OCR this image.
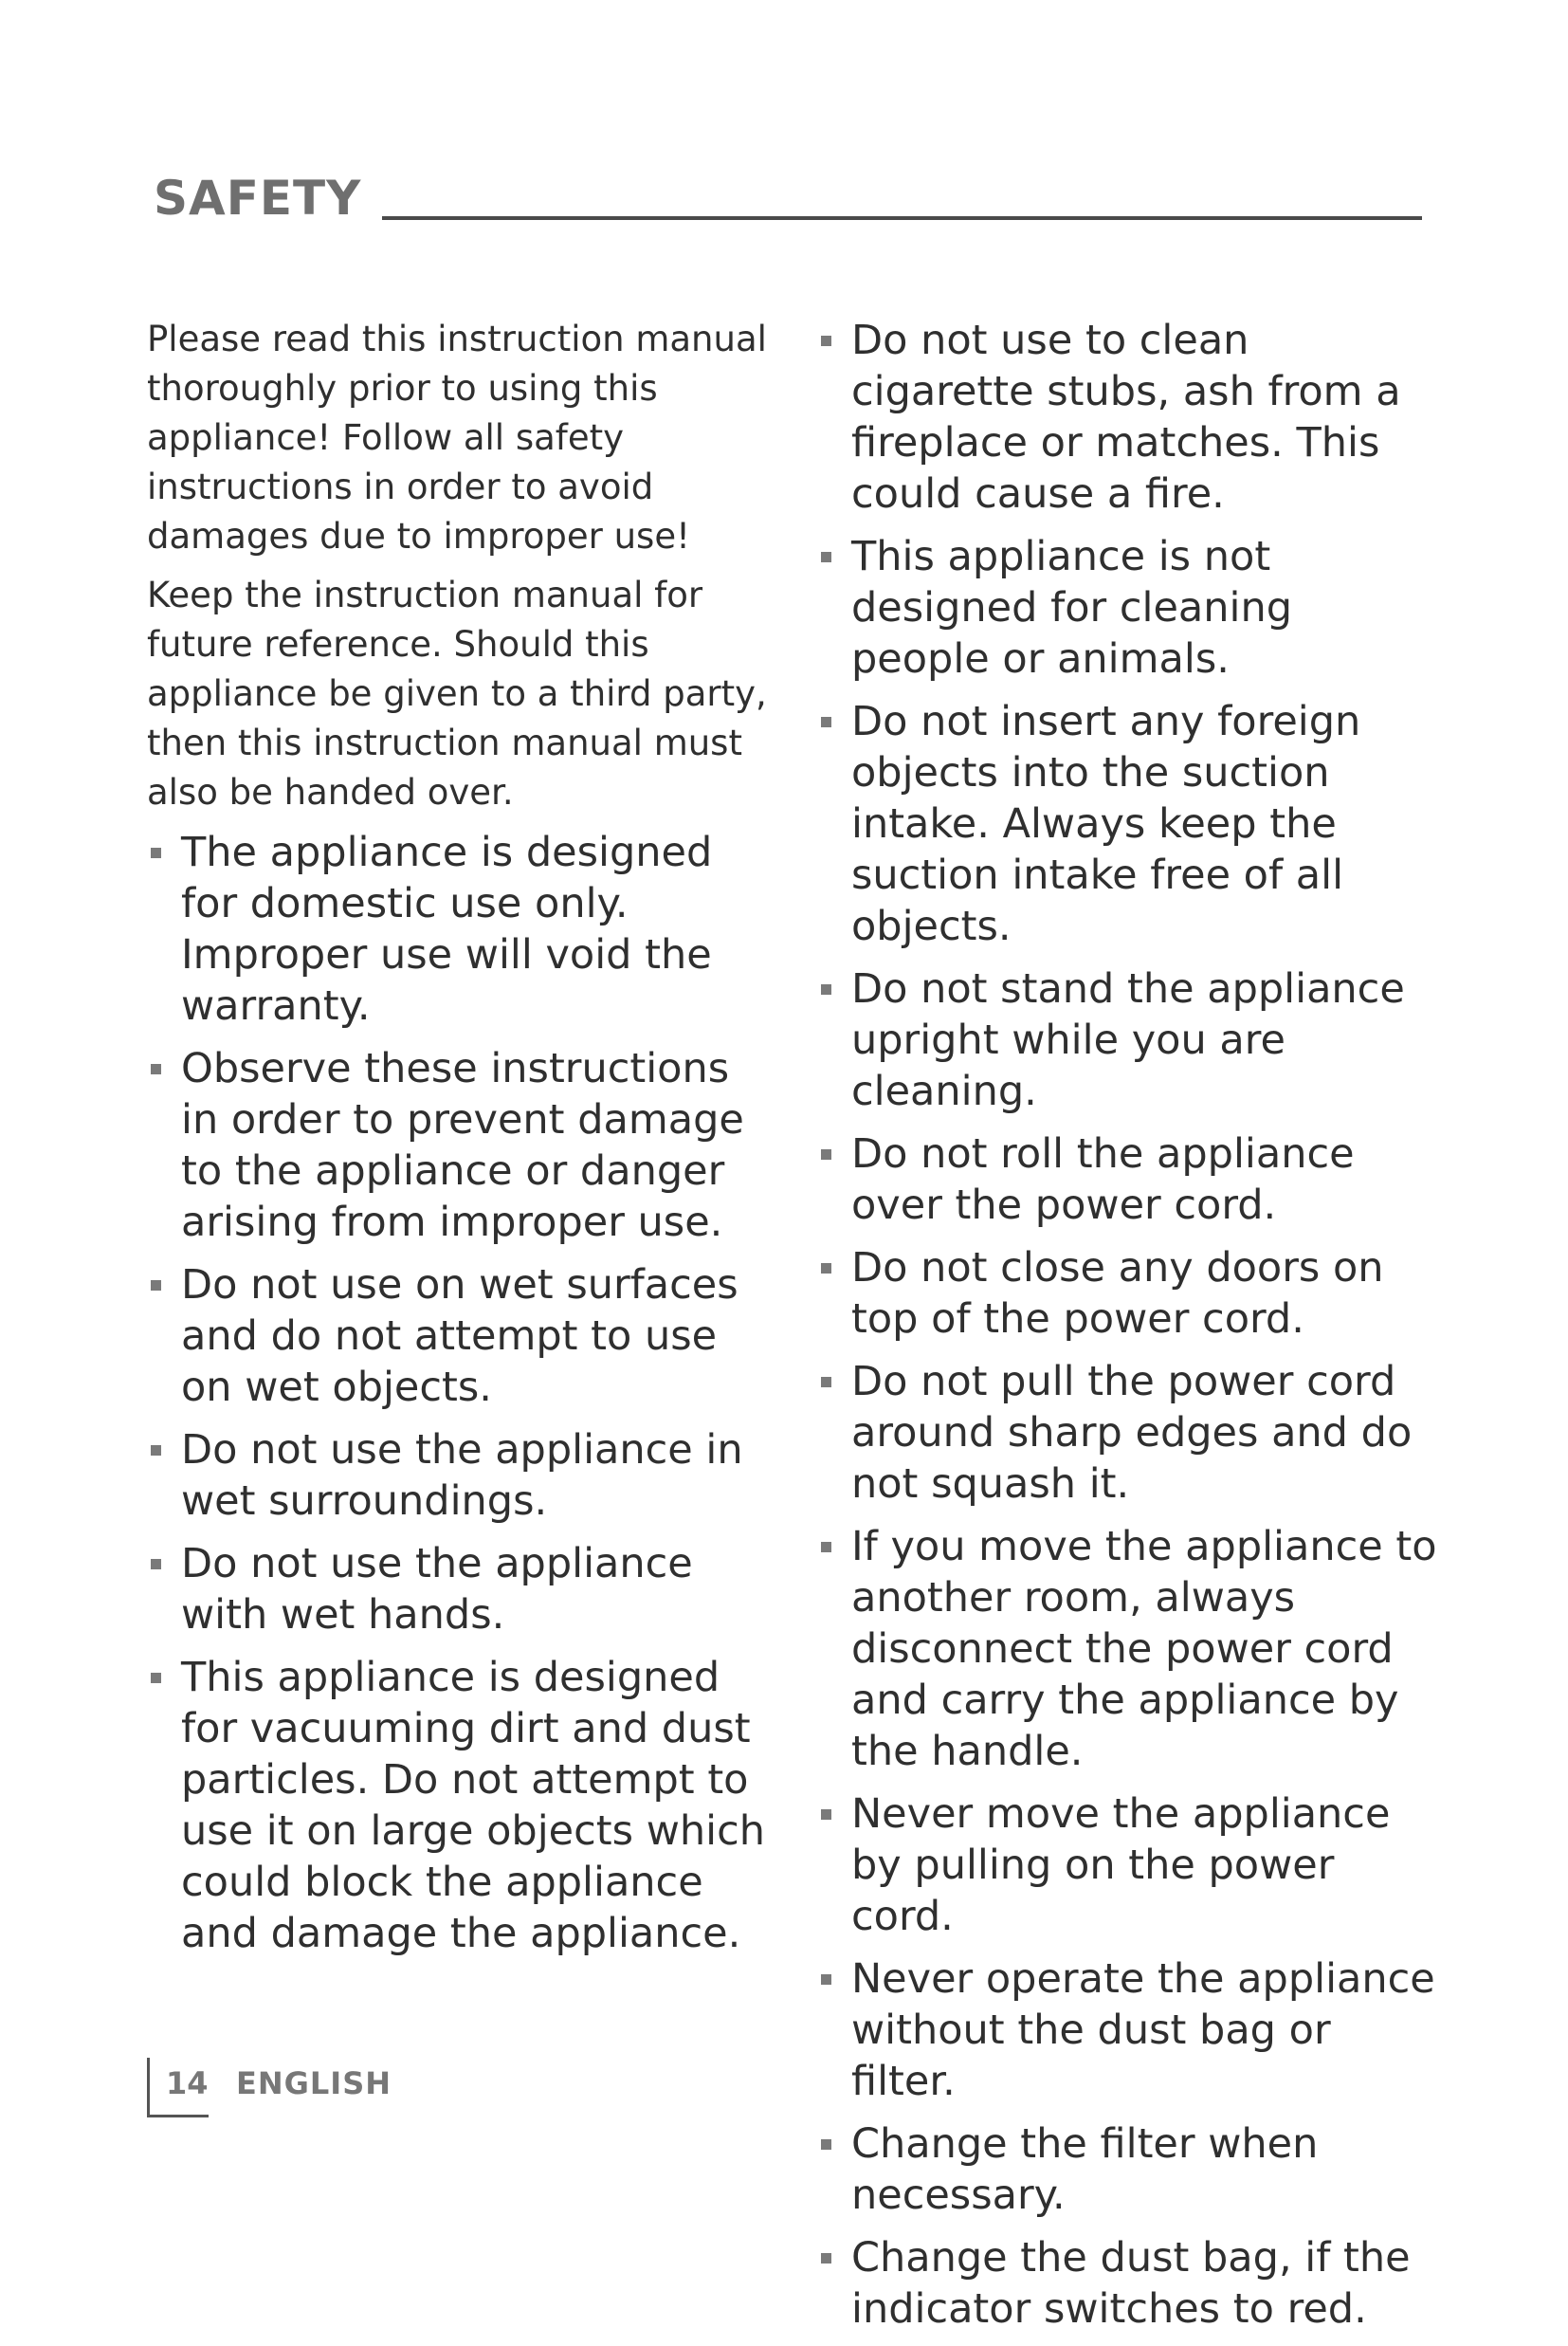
SAFETY

Please read this instruction manual thoroughly prior to using this appliance! Follow all safety instructions in order to avoid damages due to improper use!

Keep the instruction manual for future reference. Should this appliance be given to a third party, then this instruction manual must also be handed over.

The appliance is designed for domestic use only. Improper use will void the warranty.
Observe these instructions in order to prevent damage to the appliance or danger arising from improper use.
Do not use on wet surfaces and do not attempt to use on wet objects.
Do not use the appliance in wet surroundings.
Do not use the appliance with wet hands.
This appliance is designed for vacuuming dirt and dust particles. Do not attempt to use it on large objects which could block the appliance and damage the appliance.
Do not use to clean cigarette stubs, ash from a fireplace or matches. This could cause a fire.
This appliance is not designed for cleaning people or animals.
Do not insert any foreign objects into the suction intake. Always keep the suction intake free of all objects.
Do not stand the appliance upright while you are cleaning.
Do not roll the appliance over the power cord.
Do not close any doors on top of the power cord.
Do not pull the power cord around sharp edges and do not squash it.
If you move the appliance to another room, always disconnect the power cord and carry the appliance by the handle.
Never move the appliance by pulling on the power cord.
Never operate the appliance without the dust bag or filter.
Change the filter when necessary.
Change the dust bag, if the indicator switches to red.
14 ENGLISH
